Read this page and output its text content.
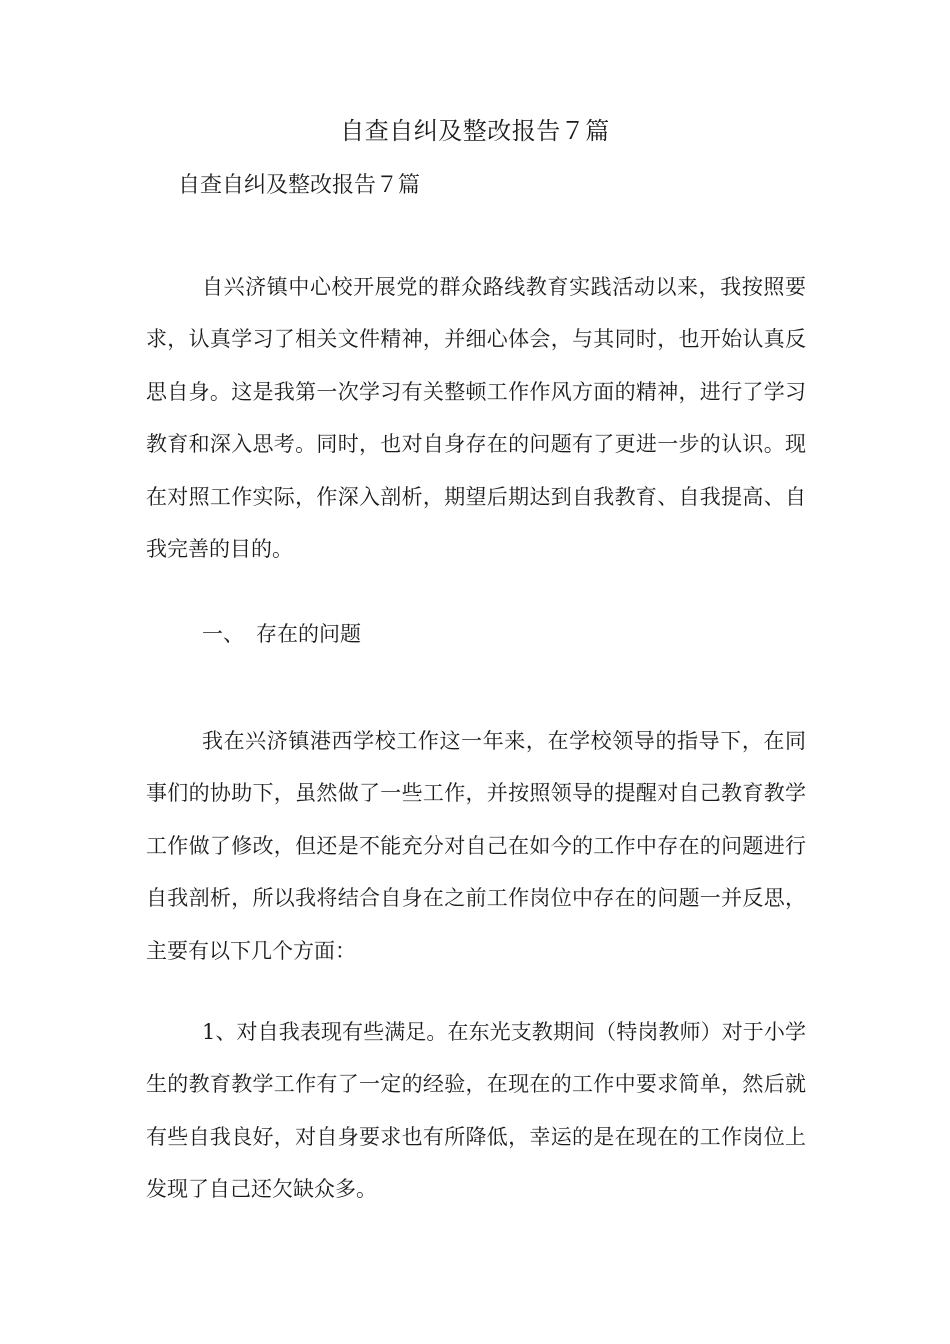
自查自纠及整改报告７篇
自查自纠及整改报告７篇

自兴济镇中心校开展党的群众路线教育实践活动以来，我按照要求，认真学习了相关文件精神，并细心体会，与其同时，也开始认真反思自身。这是我第一次学习有关整顿工作作风方面的精神，进行了学习教育和深入思考。同时，也对自身存在的问题有了更进一步的认识。现在对照工作实际，作深入剖析，期望后期达到自我教育、自我提高、自我完善的目的。

一、 存在的问题

我在兴济镇港西学校工作这一年来，在学校领导的指导下，在同事们的协助下，虽然做了一些工作，并按照领导的提醒对自己教育教学工作做了修改，但还是不能充分对自己在如今的工作中存在的问题进行自我剖析，所以我将结合自身在之前工作岗位中存在的问题一并反思，主要有以下几个方面：

1、对自我表现有些满足。在东光支教期间（特岗教师）对于小学生的教育教学工作有了一定的经验，在现在的工作中要求简单，然后就有些自我良好，对自身要求也有所降低，幸运的是在现在的工作岗位上发现了自己还欠缺众多。
